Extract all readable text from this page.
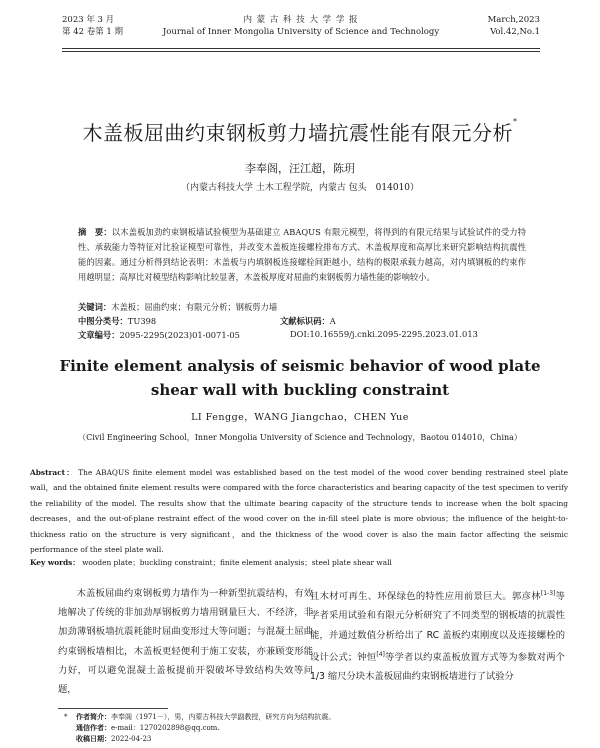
2023 年 3 月
第 42 卷第 1 期
内 蒙 古 科 技 大 学 学 报
Journal of Inner Mongolia University of Science and Technology
March,2023
Vol.42,No.1
木盖板屈曲约束钢板剪力墙抗震性能有限元分析*
李奉阁，汪江超，陈玥
（内蒙古科技大学 土木工程学院，内蒙古 包头　014010）
摘　要：以木盖板加劲约束钢板墙试验模型为基础建立 ABAQUS 有限元模型，将得到的有限元结果与试验试件的受力特性、承载能力等特征对比验证模型可靠性，并改变木盖板连接螺栓排布方式、木盖板厚度和高厚比来研究影响结构抗震性能的因素。通过分析得到结论表明：木盖板与内填钢板连接螺栓间距越小，结构的极限承载力越高，对内填钢板的约束作用越明显；高厚比对模型结构影响比较显著，木盖板厚度对屈曲约束钢板剪力墙性能的影响较小。
关键词：木盖板；屈曲约束；有限元分析；钢板剪力墙
中图分类号：TU398	文献标识码：A
文章编号：2095-2295(2023)01-0071-05	DOI:10.16559/j.cnki.2095-2295.2023.01.013
Finite element analysis of seismic behavior of wood plate
shear wall with buckling constraint
LI Fengge，WANG Jiangchao，CHEN Yue
（Civil Engineering School，Inner Mongolia University of Science and Technology，Baotou 014010，China）
Abstract： The ABAQUS finite element model was established based on the test model of the wood cover bending restrained steel plate wall，and the obtained finite element results were compared with the force characteristics and bearing capacity of the test specimen to verify the reliability of the model. The results show that the ultimate bearing capacity of the structure tends to increase when the bolt spacing decreases，and the out-of-plane restraint effect of the wood cover on the in-fill steel plate is more obvious；the influence of the height-to-thickness ratio on the structure is very significant，and the thickness of the wood cover is also the main factor affecting the seismic performance of the steel plate wall.
Key words： wooden plate；buckling constraint；finite element analysis；steel plate shear wall

木盖板屈曲约束钢板剪力墙作为一种新型抗震结构，有效地解决了传统的非加劲厚钢板剪力墙用钢量巨大、不经济，非加劲薄钢板墙抗震耗能时屈曲变形过大等问题；与混凝土屈曲约束钢板墙相比，木盖板更轻便利于施工安装，亦兼顾变形能力好，可以避免混凝土盖板提前开裂破坏导致结构失效等问题，

且木材可再生、环保绿色的特性应用前景巨大。郭彦林[1-3]等学者采用试验和有限元分析研究了不同类型的钢板墙的抗震性能，并通过数值分析给出了 RC 盖板约束刚度以及连接螺栓的设计公式；钟恒[4]等学者以约束盖板放置方式等为参数对两个 1/3 缩尺分块木盖板屈曲约束钢板墙进行了试验分

* 作者简介：李奉阁（1971－），男，内蒙古科技大学副教授，研究方向为结构抗震。
通信作者：e-mail：1270202898@qq.com.
收稿日期：2022-04-23
